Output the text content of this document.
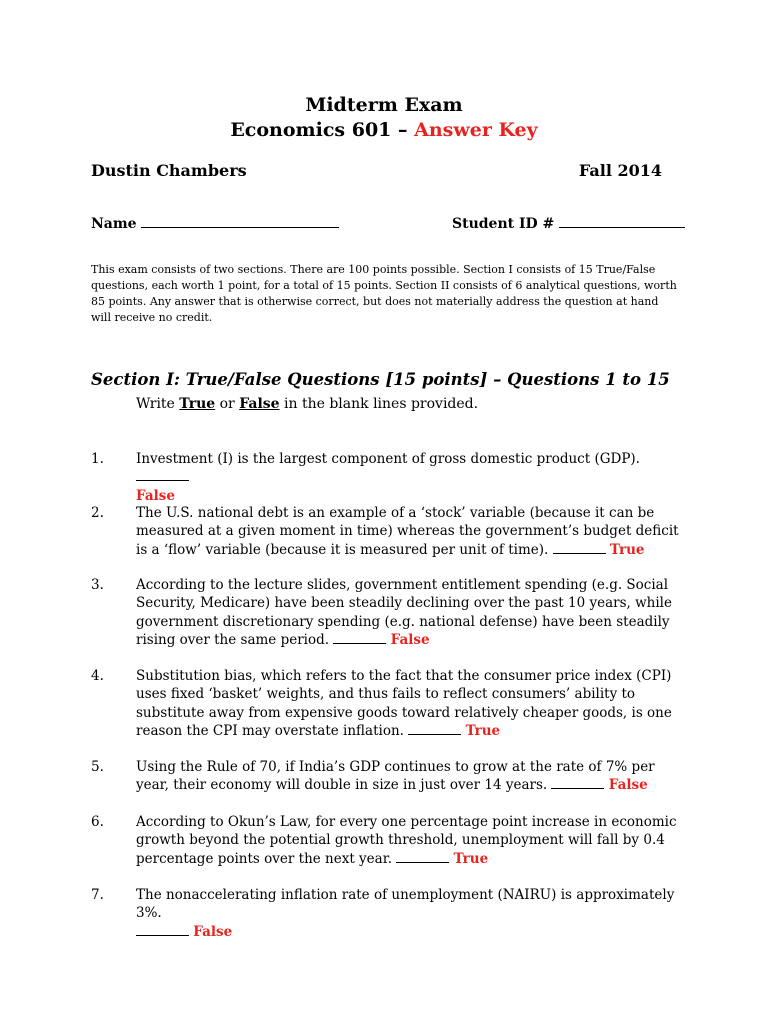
Midterm Exam
Economics 601 – Answer Key
Dustin Chambers	Fall 2014
Name	Student ID #
This exam consists of two sections. There are 100 points possible. Section I consists of 15 True/False questions, each worth 1 point, for a total of 15 points. Section II consists of 6 analytical questions, worth 85 points. Any answer that is otherwise correct, but does not materially address the question at hand will receive no credit.
Section I: True/False Questions [15 points] – Questions 1 to 15
Write True or False in the blank lines provided.
1.	Investment (I) is the largest component of gross domestic product (GDP).
False
2.	The U.S. national debt is an example of a ‘stock’ variable (because it can be measured at a given moment in time) whereas the government’s budget deficit is a ‘flow’ variable (because it is measured per unit of time).	True
3.	According to the lecture slides, government entitlement spending (e.g. Social Security, Medicare) have been steadily declining over the past 10 years, while government discretionary spending (e.g. national defense) have been steadily rising over the same period.	False
4.	Substitution bias, which refers to the fact that the consumer price index (CPI) uses fixed ‘basket’ weights, and thus fails to reflect consumers’ ability to substitute away from expensive goods toward relatively cheaper goods, is one reason the CPI may overstate inflation.	True
5.	Using the Rule of 70, if India’s GDP continues to grow at the rate of 7% per year, their economy will double in size in just over 14 years.	False
6.	According to Okun’s Law, for every one percentage point increase in economic growth beyond the potential growth threshold, unemployment will fall by 0.4 percentage points over the next year.	True
7.	The nonaccelerating inflation rate of unemployment (NAIRU) is approximately 3%.
False
